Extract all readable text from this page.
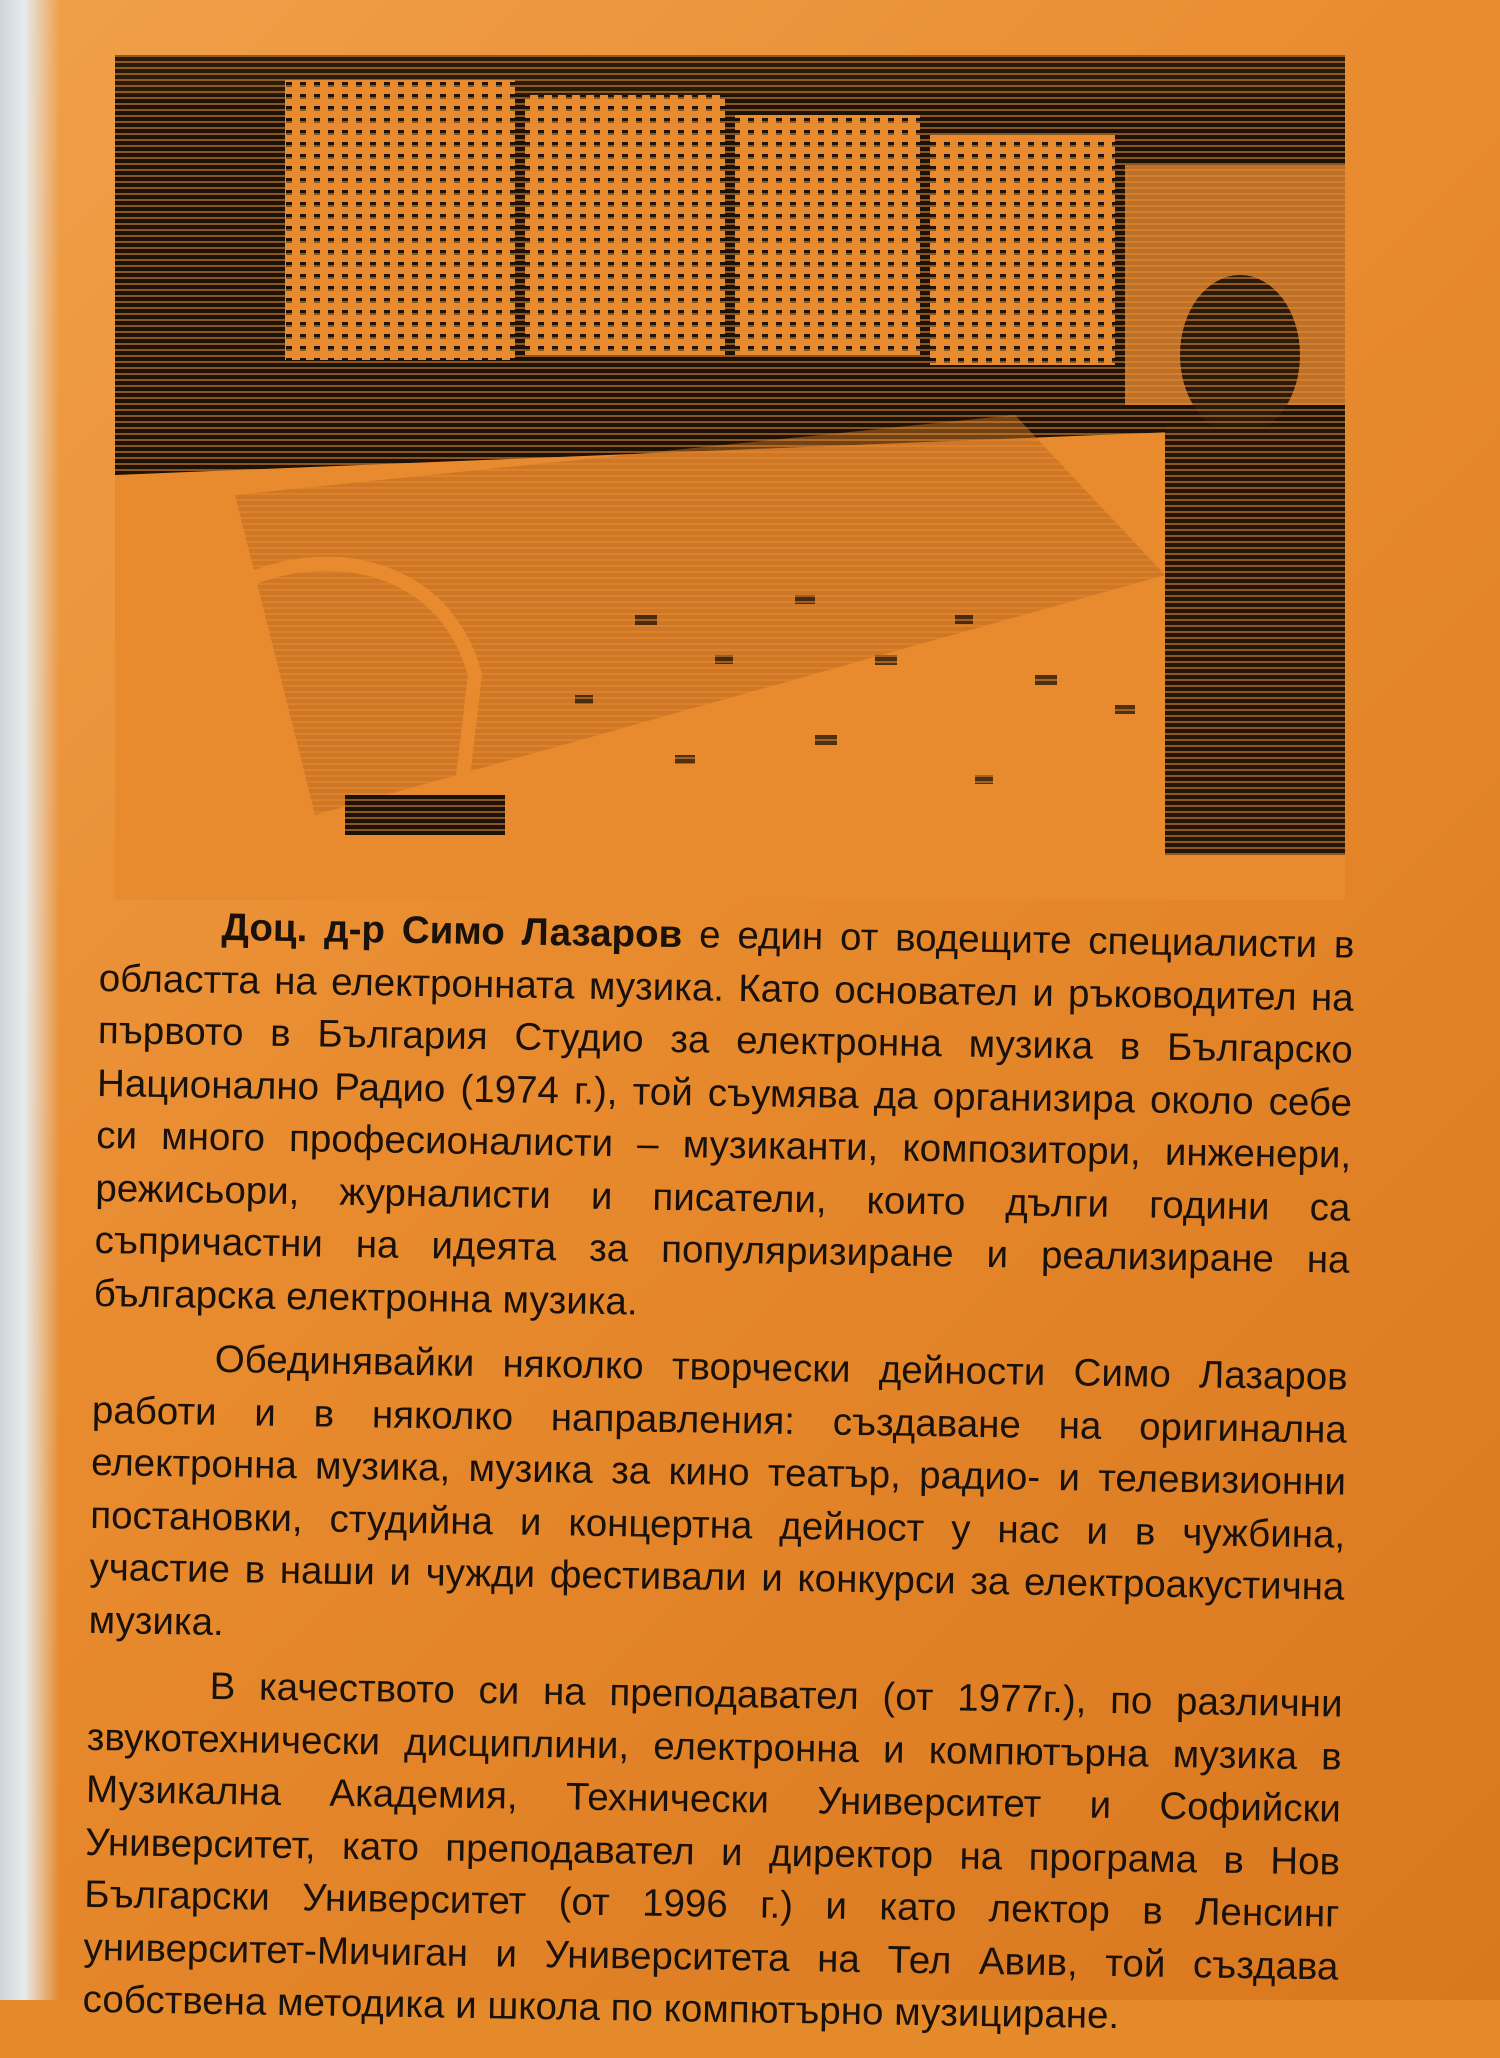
Доц. д-р Симо Лазаров е един от водещите специалисти в областта на електронната музика. Като основател и ръководител на първото в България Студио за електронна музика в Българско Национално Радио (1974 г.), той съумява да организира около себе си много професионалисти – музиканти, композитори, инженери, режисьори, журналисти и писатели, които дълги години са съпричастни на идеята за популяризиране и реализиране на българска електронна музика.

Обединявайки няколко творчески дейности Симо Лазаров работи и в няколко направления: създаване на оригинална електронна музика, музика за кино театър, радио- и телевизионни постановки, студийна и концертна дейност у нас и в чужбина, участие в наши и чужди фестивали и конкурси за електроакустична музика.

В качеството си на преподавател (от 1977г.), по различни звукотехнически дисциплини, електронна и компютърна музика в Музикална Академия, Технически Университет и Софийски Университет, като преподавател и директор на програма в Нов Български Университет (от 1996 г.) и като лектор в Ленсинг университет-Мичиган и Университета на Тел Авив, той създава собствена методика и школа по компютърно музициране.
